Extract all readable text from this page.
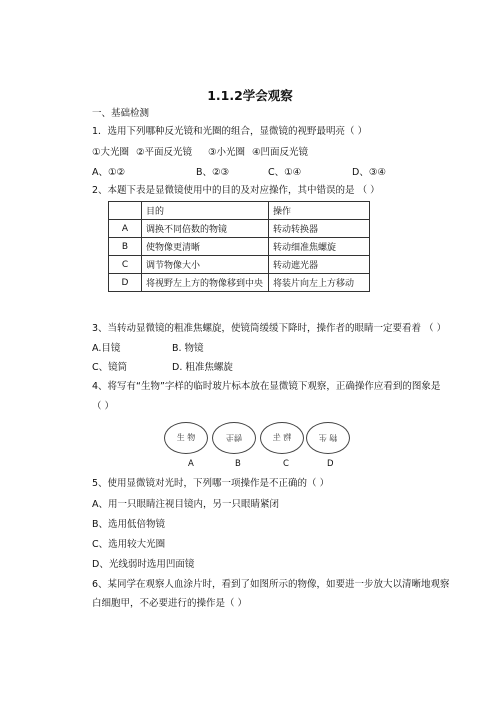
1.1.2学会观察
一、基础检测
1．选用下列哪种反光镜和光圈的组合，显微镜的视野最明亮（ ）
①大光圈 ②平面反光镜 ③小光圈 ④凹面反光镜
A、①②	B、②③	C、①④	D、③④
2、本题下表是显微镜使用中的目的及对应操作，其中错误的是 （ ）
	目的	操作
A	调换不同倍数的物镜	转动转换器
B	使物像更清晰	转动细准焦螺旋
C	调节物像大小	转动遮光器
D	将视野左上方的物像移到中央	将装片向左上方移动
3、当转动显微镜的粗准焦螺旋，使镜筒缓缓下降时，操作者的眼睛一定要看着 （ ）
A.目镜	B. 物镜
C、镜筒	D. 粗准焦螺旋
4、将写有“生物”字样的临时玻片标本放在显微镜下观察，正确操作应看到的图象是
（ ）
生 物	生物	物 生	物 生
A	B	C	D
5、使用显微镜对光时，下列哪一项操作是不正确的（ ）
A、用一只眼睛注视目镜内，另一只眼睛紧闭
B、选用低倍物镜
C、选用较大光圈
D、光线弱时选用凹面镜
6、某同学在观察人血涂片时，看到了如图所示的物像，如要进一步放大以清晰地观察
白细胞甲，不必要进行的操作是（ ）
